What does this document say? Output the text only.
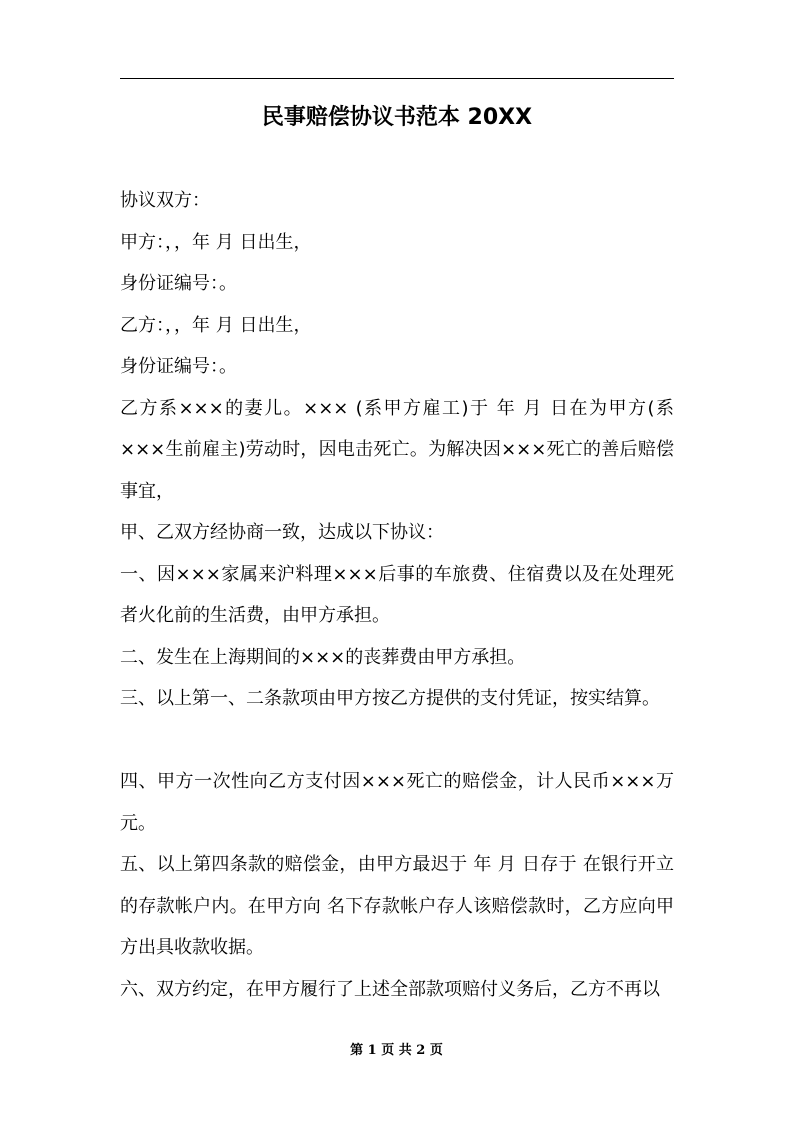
民事赔偿协议书范本 20XX

协议双方：

甲方：，，年 月 日出生，

身份证编号：。

乙方：，，年 月 日出生，

身份证编号：。

乙方系×××的妻儿。××× (系甲方雇工)于 年 月 日在为甲方(系×××生前雇主)劳动时，因电击死亡。为解决因×××死亡的善后赔偿事宜，

甲、乙双方经协商一致，达成以下协议：

一、因×××家属来沪料理×××后事的车旅费、住宿费以及在处理死者火化前的生活费，由甲方承担。

二、发生在上海期间的×××的丧葬费由甲方承担。

三、以上第一、二条款项由甲方按乙方提供的支付凭证，按实结算。

四、甲方一次性向乙方支付因×××死亡的赔偿金，计人民币×××万元。

五、以上第四条款的赔偿金，由甲方最迟于 年 月 日存于 在银行开立的存款帐户内。在甲方向 名下存款帐户存人该赔偿款时，乙方应向甲方出具收款收据。

六、双方约定，在甲方履行了上述全部款项赔付义务后，乙方不再以

第 1 页 共 2 页
